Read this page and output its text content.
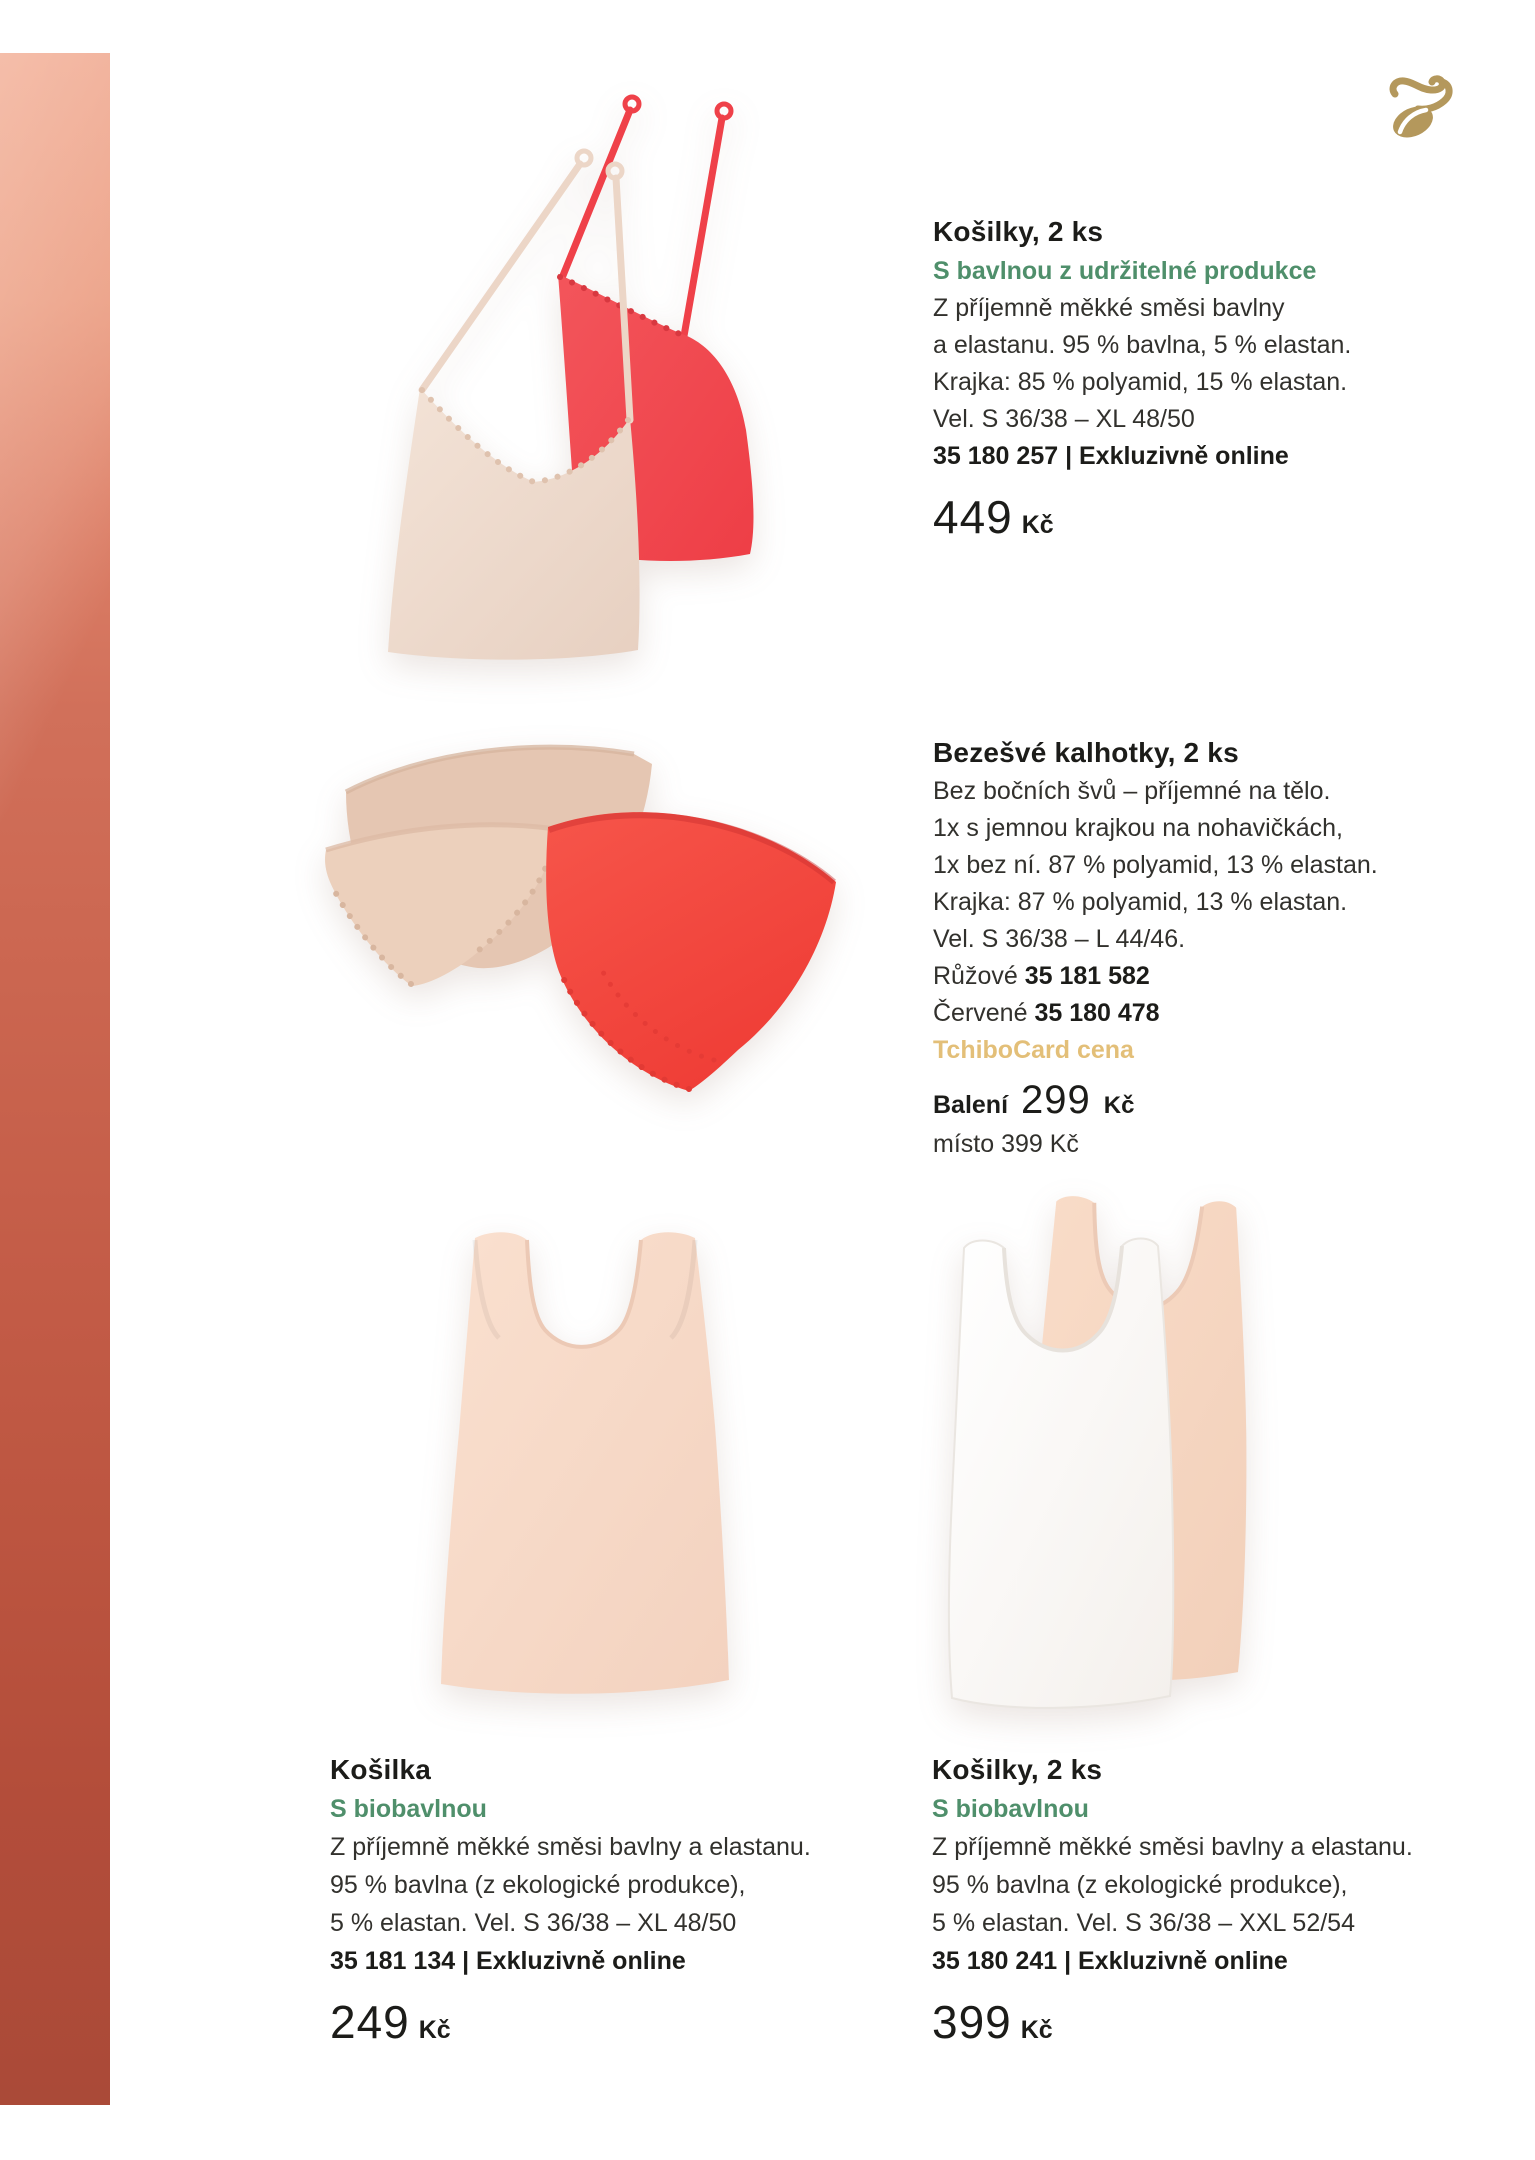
Košilky, 2 ks
S bavlnou z udržitelné produkce
Z příjemně měkké směsi bavlny
a elastanu. 95 % bavlna, 5 % elastan.
Krajka: 85 % polyamid, 15 % elastan.
Vel. S 36/38 – XL 48/50
35 180 257 | Exkluzivně online
449 Kč
Bezešvé kalhotky, 2 ks
Bez bočních švů – příjemné na tělo.
1x s jemnou krajkou na nohavičkách,
1x bez ní. 87 % polyamid, 13 % elastan.
Krajka: 87 % polyamid, 13 % elastan.
Vel. S 36/38 – L 44/46.
Růžové 35 181 582
Červené 35 180 478
TchiboCard cena
Balení 299 Kč
místo 399 Kč
Košilka
S biobavlnou
Z příjemně měkké směsi bavlny a elastanu.
95 % bavlna (z ekologické produkce),
5 % elastan. Vel. S 36/38 – XL 48/50
35 181 134 | Exkluzivně online
249 Kč
Košilky, 2 ks
S biobavlnou
Z příjemně měkké směsi bavlny a elastanu.
95 % bavlna (z ekologické produkce),
5 % elastan. Vel. S 36/38 – XXL 52/54
35 180 241 | Exkluzivně online
399 Kč
